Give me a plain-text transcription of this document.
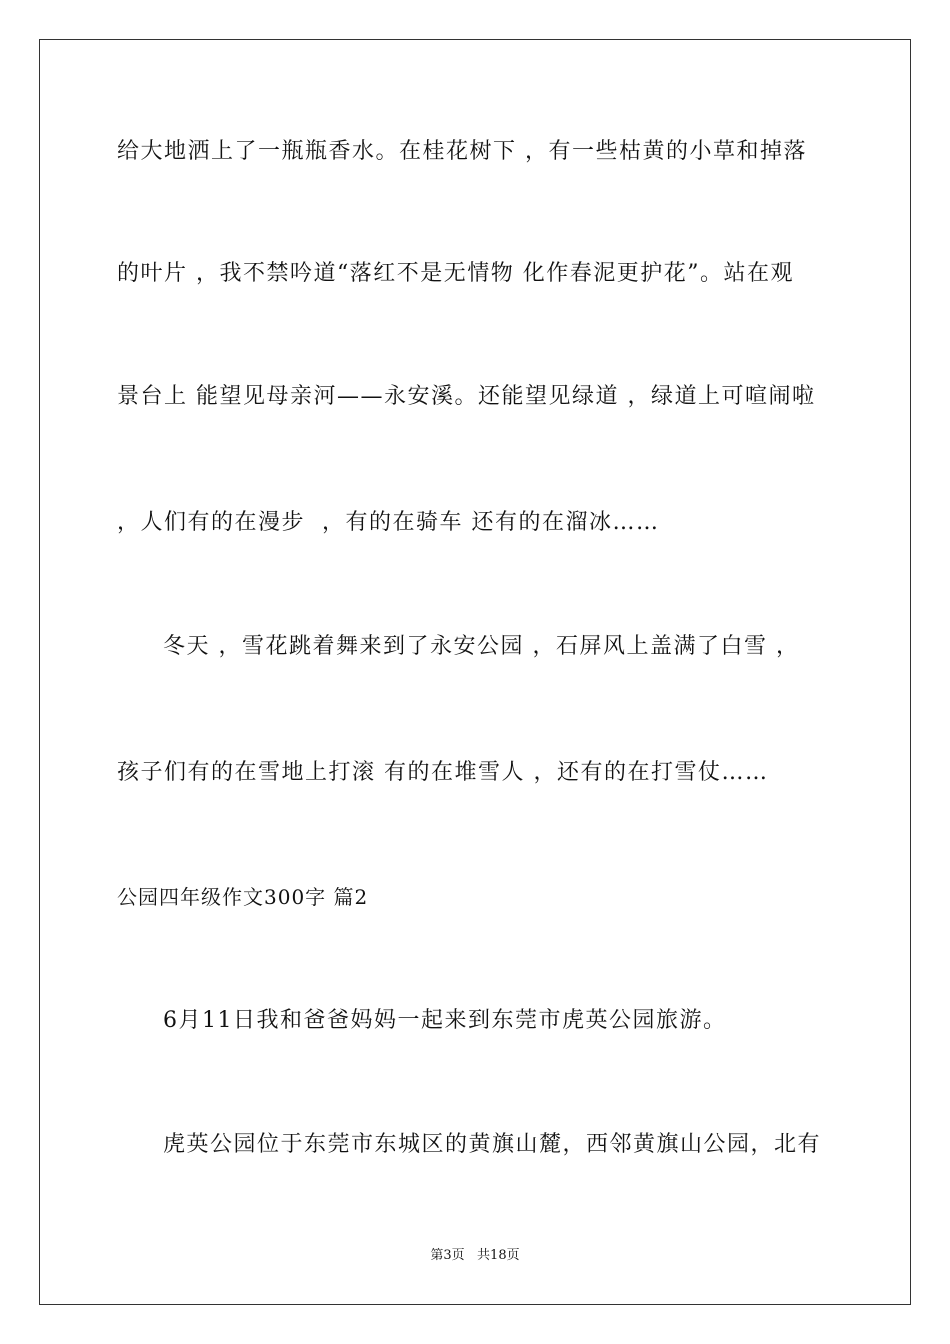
给大地洒上了一瓶瓶香水。在桂花树下 ，有一些枯黄的小草和掉落
的叶片 ，我不禁吟道“落红不是无情物 化作春泥更护花”。站在观
景台上 能望见母亲河——永安溪。还能望见绿道 ，绿道上可喧闹啦
，人们有的在漫步  ，有的在骑车 还有的在溜冰……
冬天 ，雪花跳着舞来到了永安公园 ，石屏风上盖满了白雪 ，
孩子们有的在雪地上打滚 有的在堆雪人 ，还有的在打雪仗……
公园四年级作文300字 篇2
6月11日我和爸爸妈妈一起来到东莞市虎英公园旅游。
虎英公园位于东莞市东城区的黄旗山麓，西邻黄旗山公园，北有
第3页   共18页
